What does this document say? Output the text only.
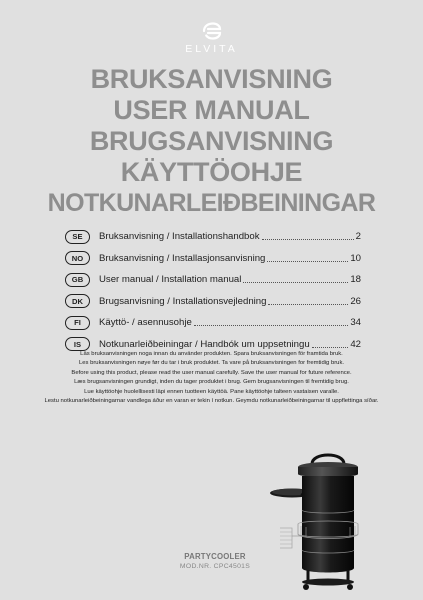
ELVITA
BRUKSANVISNING
USER MANUAL
BRUGSANVISNING
KÄYTTÖOHJE
NOTKUNARLEIÐBEININGAR
SE	Bruksanvisning / Installationshandbok	2
NO	Bruksanvisning / Installasjonsanvisning	10
GB	User manual / Installation manual	18
DK	Brugsanvisning / Installationsvejledning	26
FI	Käyttö- / asennusohje	34
IS	Notkunarleiðbeiningar / Handbók um uppsetningu	42

Läs bruksanvisningen noga innan du använder produkten. Spara bruksanvisningen för framtida bruk.

Les bruksanvisningen nøye før du tar i bruk produktet. Ta vare på bruksanvisningen for fremtidig bruk.

Before using this product, please read the user manual carefully. Save the user manual for future reference.

Læs brugsanvisningen grundigt, inden du tager produktet i brug. Gem brugsanvisningen til fremtidig brug.

Lue käyttöohje huolellisesti läpi ennen tuotteen käyttöä. Pane käyttöohje talteen vastaisen varalle.

Lestu notkunarleiðbeiningarnar vandlega áður en varan er tekin í notkun. Geymdu notkunarleiðbeiningarnar til uppflettinga síðar.

PARTYCOOLER
MOD.NR. CPC4501S
